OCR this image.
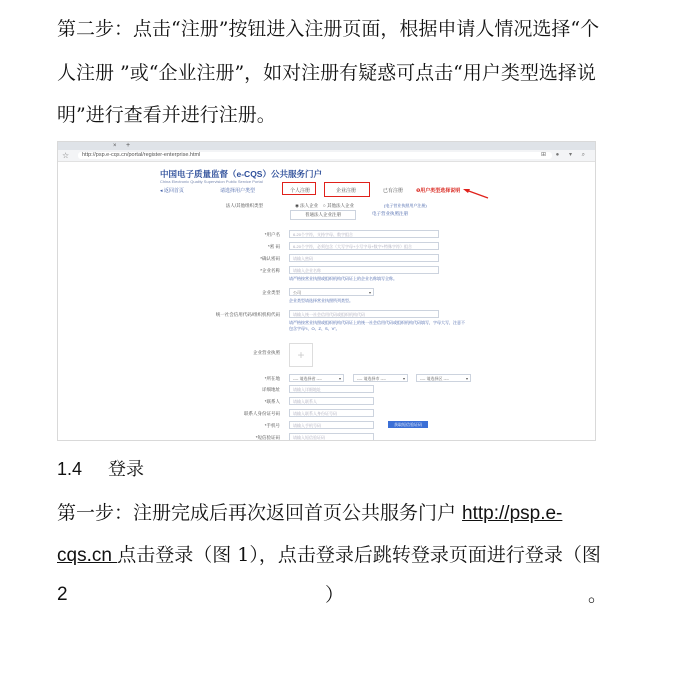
第二步：点击“注册”按钮进入注册页面，根据申请人情况选择“个
人注册 ”或“企业注册”，如对注册有疑惑可点击“用户类型选择说
明”进行查看并进行注册。
× +
☆	http://psp.e-cqs.cn/portal/register-enterprise.html	⊞ ● ▾ ⌕
中国电子质量监督（e-CQS）公共服务门户
China Electronic Quality Supervision Public Service Portal
◂ 返回首页	请选择用户类型	个人注册	企业注册	已有注册	❶用户类型选择说明
法人/其他组织类型	◉ 法人企业 ○ 其他法人企业	(电子营业执照用户注册)
普通法人企业注册	电子营业执照注册
*用户名	6-20个字符，支持字母、数字组合
*密 码	6-20个字符，必须包含（大写字母+小写字母+数字+特殊字符）组合
*确认密码	请输入密码
*企业名称	请输入企业名称
请严格按营业执照或组织机构代码证上的企业名称填写全称。
企业类型	公司	▾
企业类型请选择营业执照所列类型。
统一社会信用代码/组织机构代码	请输入统一社会信用代码或组织机构代码
请严格按营业执照或组织机构代码证上的统一社会信用代码或组织机构代码填写，字母大写，注意不
包含字母“I、O、Z、S、V”。
企业营业执照	+
*所在地	---- 请选择省 ----	▾	---- 请选择市 ----	▾	---- 请选择区 ----	▾
详细地址	请输入详细地址
*联系人	请输入联系人
联系人身份证号码	请输入联系人身份证号码
*手机号	请输入手机号码	获取短信验证码
*短信验证码	请输入短信验证码
1.4 登录
第一步：注册完成后再次返回首页公共服务门户 http://psp.e-
cqs.cn 点击登录（图 1），点击登录后跳转登录页面进行登录（图
2	）	。
